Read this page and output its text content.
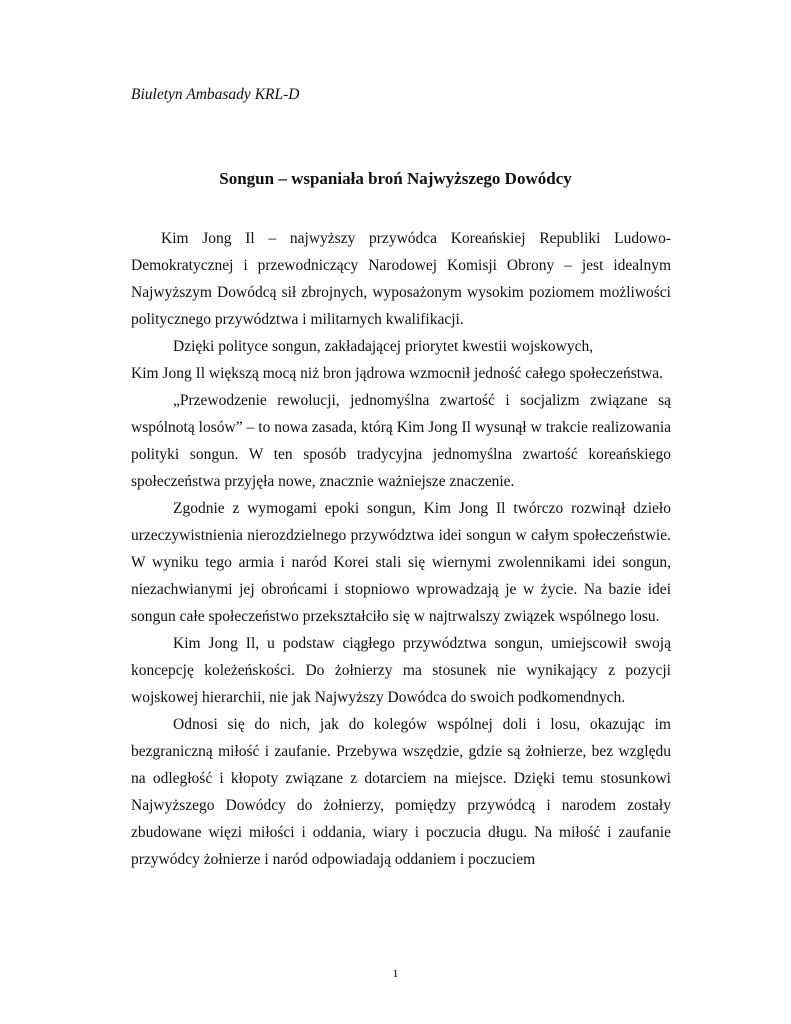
Biuletyn Ambasady KRL-D
Songun – wspaniała broń Najwyższego Dowódcy

Kim Jong Il – najwyższy przywódca Koreańskiej Republiki Ludowo-Demokratycznej i przewodniczący Narodowej Komisji Obrony – jest idealnym Najwyższym Dowódcą sił zbrojnych, wyposażonym wysokim poziomem możliwości politycznego przywództwa i militarnych kwalifikacji.

Dzięki polityce songun, zakładającej priorytet kwestii wojskowych,

Kim Jong Il większą mocą niż bron jądrowa wzmocnił jedność całego społeczeństwa.

„Przewodzenie rewolucji, jednomyślna zwartość i socjalizm związane są wspólnotą losów” – to nowa zasada, którą Kim Jong Il wysunął w trakcie realizowania polityki songun. W ten sposób tradycyjna jednomyślna zwartość koreańskiego społeczeństwa przyjęła nowe, znacznie ważniejsze znaczenie.

Zgodnie z wymogami epoki songun, Kim Jong Il twórczo rozwinął dzieło urzeczywistnienia nierozdzielnego przywództwa idei songun w całym społeczeństwie. W wyniku tego armia i naród Korei stali się wiernymi zwolennikami idei songun, niezachwianymi jej obrońcami i stopniowo wprowadzają je w życie. Na bazie idei songun całe społeczeństwo przekształciło się w najtrwalszy związek wspólnego losu.

Kim Jong Il, u podstaw ciągłego przywództwa songun, umiejscowił swoją koncepcję koleżeńskości. Do żołnierzy ma stosunek nie wynikający z pozycji wojskowej hierarchii, nie jak Najwyższy Dowódca do swoich podkomendnych.

Odnosi się do nich, jak do kolegów wspólnej doli i losu, okazując im bezgraniczną miłość i zaufanie. Przebywa wszędzie, gdzie są żołnierze, bez względu na odległość i kłopoty związane z dotarciem na miejsce. Dzięki temu stosunkowi Najwyższego Dowódcy do żołnierzy, pomiędzy przywódcą i narodem zostały zbudowane więzi miłości i oddania, wiary i poczucia długu. Na miłość i zaufanie przywódcy żołnierze i naród odpowiadają oddaniem i poczuciem

1
